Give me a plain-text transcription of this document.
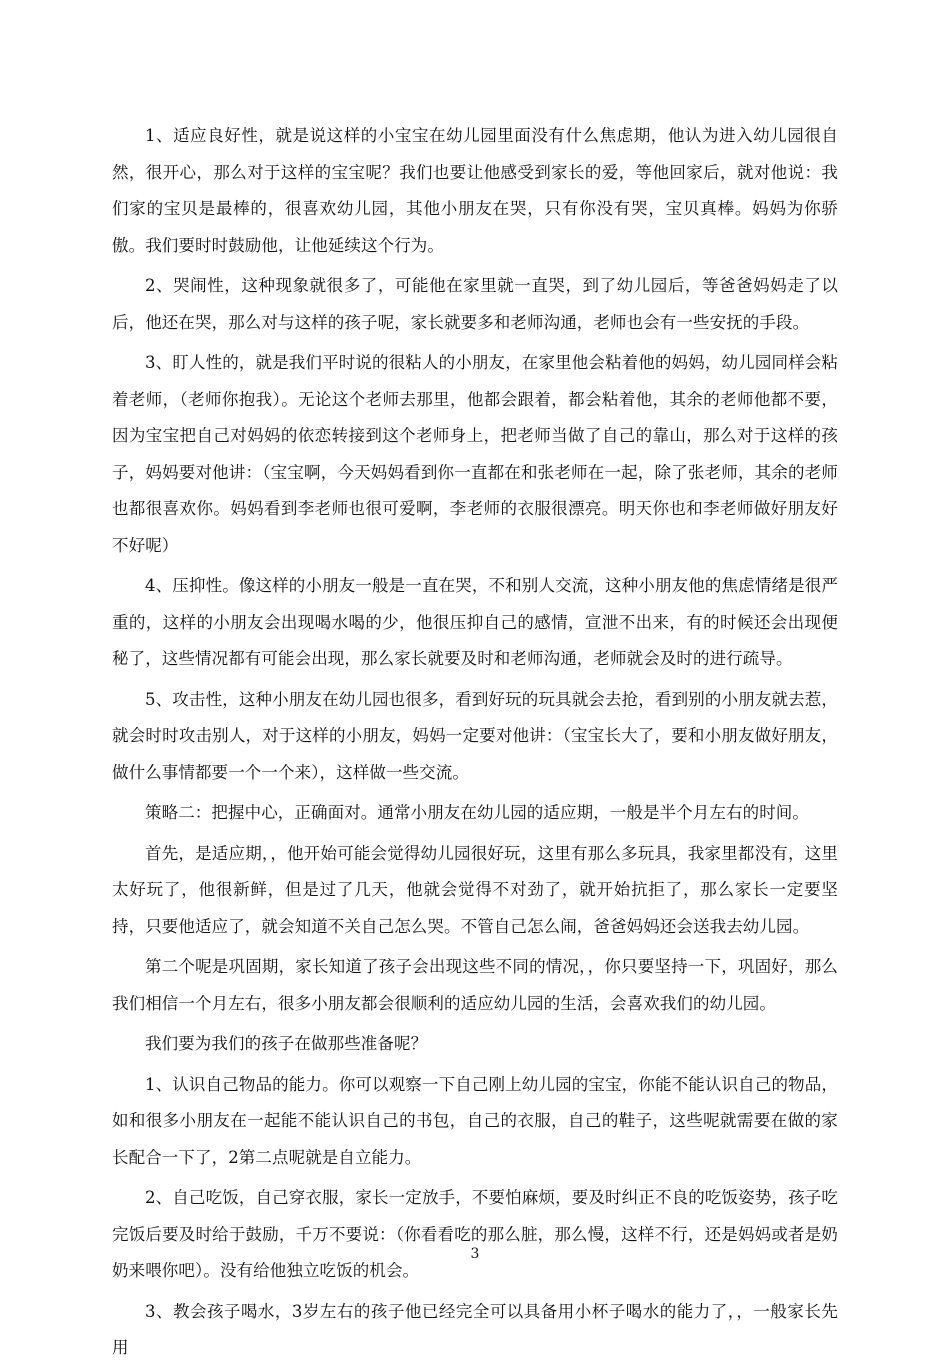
1、适应良好性，就是说这样的小宝宝在幼儿园里面没有什么焦虑期，他认为进入幼儿园很自然，很开心，那么对于这样的宝宝呢？我们也要让他感受到家长的爱，等他回家后，就对他说：我们家的宝贝是最棒的，很喜欢幼儿园，其他小朋友在哭，只有你没有哭，宝贝真棒。妈妈为你骄傲。我们要时时鼓励他，让他延续这个行为。

2、哭闹性，这种现象就很多了，可能他在家里就一直哭，到了幼儿园后，等爸爸妈妈走了以后，他还在哭，那么对与这样的孩子呢，家长就要多和老师沟通，老师也会有一些安抚的手段。

3、盯人性的，就是我们平时说的很粘人的小朋友，在家里他会粘着他的妈妈，幼儿园同样会粘着老师，（老师你抱我）。无论这个老师去那里，他都会跟着，都会粘着他，其余的老师他都不要，因为宝宝把自己对妈妈的依恋转接到这个老师身上，把老师当做了自己的靠山，那么对于这样的孩子，妈妈要对他讲：（宝宝啊，今天妈妈看到你一直都在和张老师在一起，除了张老师，其余的老师也都很喜欢你。妈妈看到李老师也很可爱啊，李老师的衣服很漂亮。明天你也和李老师做好朋友好不好呢）

4、压抑性。像这样的小朋友一般是一直在哭，不和别人交流，这种小朋友他的焦虑情绪是很严重的，这样的小朋友会出现喝水喝的少，他很压抑自己的感情，宣泄不出来，有的时候还会出现便秘了，这些情况都有可能会出现，那么家长就要及时和老师沟通，老师就会及时的进行疏导。

5、攻击性，这种小朋友在幼儿园也很多，看到好玩的玩具就会去抢，看到别的小朋友就去惹，就会时时攻击别人，对于这样的小朋友，妈妈一定要对他讲：（宝宝长大了，要和小朋友做好朋友，做什么事情都要一个一个来），这样做一些交流。

策略二：把握中心，正确面对。通常小朋友在幼儿园的适应期，一般是半个月左右的时间。

首先，是适应期，，他开始可能会觉得幼儿园很好玩，这里有那么多玩具，我家里都没有，这里太好玩了，他很新鲜，但是过了几天，他就会觉得不对劲了，就开始抗拒了，那么家长一定要坚持，只要他适应了，就会知道不关自己怎么哭。不管自己怎么闹，爸爸妈妈还会送我去幼儿园。

第二个呢是巩固期，家长知道了孩子会出现这些不同的情况，，你只要坚持一下，巩固好，那么我们相信一个月左右，很多小朋友都会很顺利的适应幼儿园的生活，会喜欢我们的幼儿园。

我们要为我们的孩子在做那些准备呢？

1、认识自己物品的能力。你可以观察一下自己刚上幼儿园的宝宝，你能不能认识自己的物品，如和很多小朋友在一起能不能认识自己的书包，自己的衣服，自己的鞋子，这些呢就需要在做的家长配合一下了，2第二点呢就是自立能力。

2、自己吃饭，自己穿衣服，家长一定放手，不要怕麻烦，要及时纠正不良的吃饭姿势，孩子吃完饭后要及时给于鼓励，千万不要说：（你看看吃的那么脏，那么慢，这样不行，还是妈妈或者是奶奶来喂你吧）。没有给他独立吃饭的机会。

3、教会孩子喝水，3岁左右的孩子他已经完全可以具备用小杯子喝水的能力了，，一般家长先用

3
